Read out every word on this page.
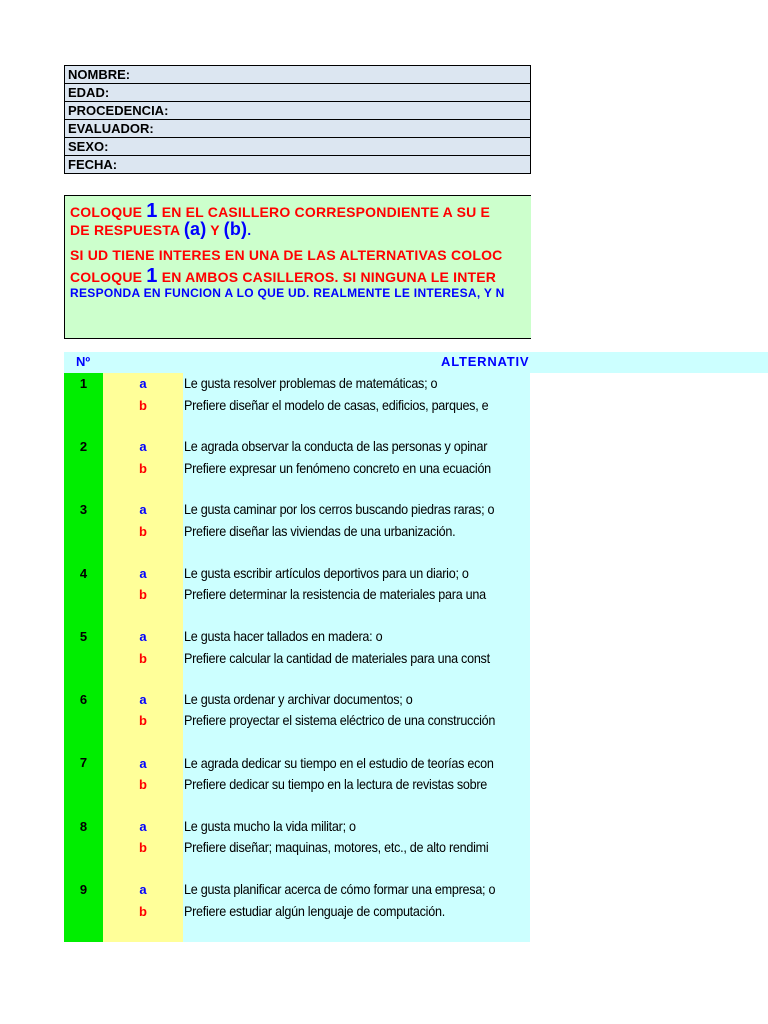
NOMBRE:
EDAD:
PROCEDENCIA:
EVALUADOR:
SEXO:
FECHA:
COLOQUE 1 EN EL CASILLERO CORRESPONDIENTE A SU E
DE RESPUESTA (a) Y (b).
SI UD TIENE INTERES EN UNA DE LAS ALTERNATIVAS COLOC
COLOQUE 1 EN AMBOS CASILLEROS. SI NINGUNA LE INTER
RESPONDA EN FUNCION A LO QUE UD. REALMENTE LE INTERESA, Y N
Nº	ALTERNATIV
1	a	Le gusta resolver problemas de matemáticas; o
b	Prefiere diseñar el modelo de casas, edificios, parques, e
2	a	Le agrada observar la conducta de las personas y opinar
b	Prefiere expresar un fenómeno concreto en una ecuación
3	a	Le gusta caminar por los cerros buscando piedras raras; o
b	Prefiere diseñar las viviendas de una urbanización.
4	a	Le gusta escribir artículos deportivos para un diario; o
b	Prefiere determinar la resistencia de materiales para una
5	a	Le gusta hacer tallados en madera: o
b	Prefiere calcular la cantidad de materiales para una const
6	a	Le gusta ordenar y archivar documentos; o
b	Prefiere proyectar el sistema eléctrico de una construcción
7	a	Le agrada dedicar su tiempo en el estudio de teorías econ
b	Prefiere dedicar su tiempo en la lectura de revistas sobre
8	a	Le gusta mucho la vida militar; o
b	Prefiere diseñar; maquinas, motores, etc., de alto rendimi
9	a	Le gusta planificar acerca de cómo formar una empresa; o
b	Prefiere estudiar algún lenguaje de computación.
